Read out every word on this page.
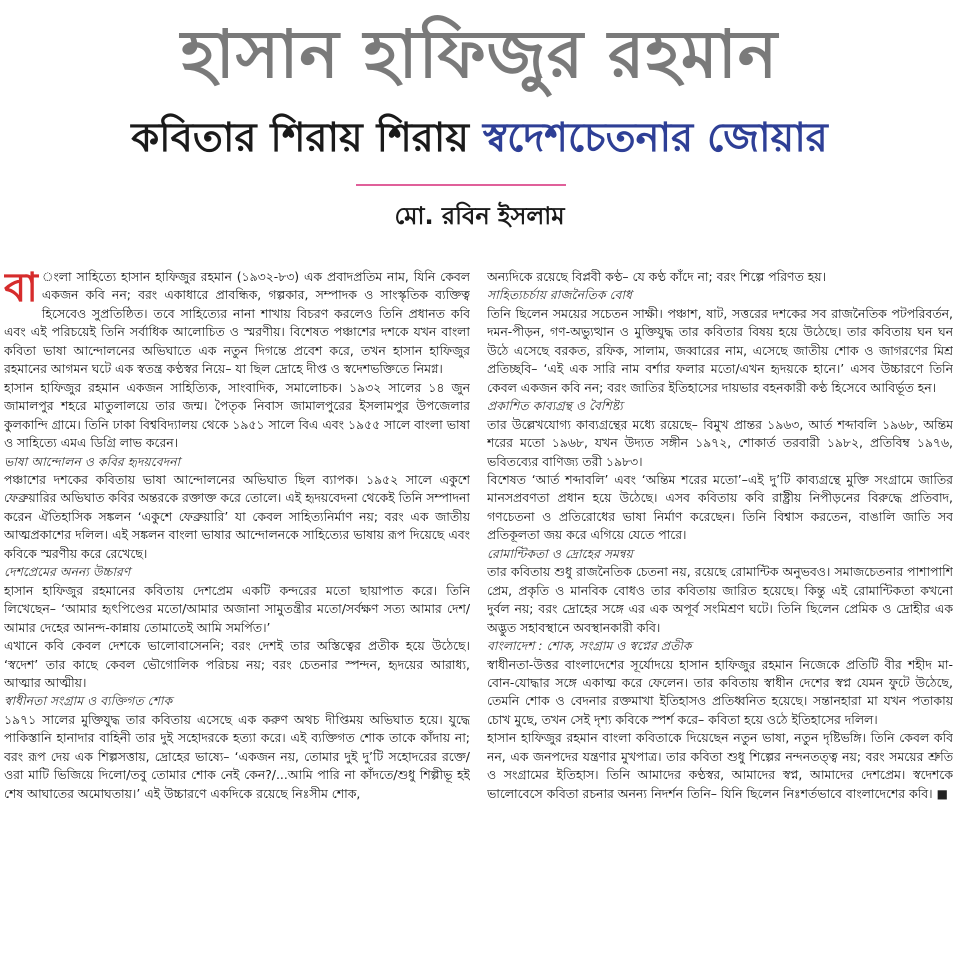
হাসান হাফিজুর রহমান
কবিতার শিরায় শিরায় স্বদেশচেতনার জোয়ার
মো. রবিন ইসলাম

বা ংলা সাহিত্যে হাসান হাফিজুর রহমান (১৯৩২-৮৩) এক প্রবাদপ্রতিম নাম, যিনি কেবল একজন কবি নন; বরং একাধারে প্রাবন্ধিক, গল্পকার, সম্পাদক ও সাংস্কৃতিক ব্যক্তিত্ব হিসেবেও সুপ্রতিষ্ঠিত। তবে সাহিত্যের নানা শাখায় বিচরণ করলেও তিনি প্রধানত কবি এবং এই পরিচয়েই তিনি সর্বাধিক আলোচিত ও স্মরণীয়। বিশেষত পঞ্চাশের দশকে যখন বাংলা কবিতা ভাষা আন্দোলনের অভিঘাতে এক নতুন দিগন্তে প্রবেশ করে, তখন হাসান হাফিজুর রহমানের আগমন ঘটে এক স্বতন্ত্র কণ্ঠস্বর নিয়ে– যা ছিল দ্রোহে দীপ্ত ও স্বদেশভক্তিতে নিমগ্ন।

হাসান হাফিজুর রহমান একজন সাহিত্যিক, সাংবাদিক, সমালোচক। ১৯৩২ সালের ১৪ জুন জামালপুর শহরে মাতুলালয়ে তার জন্ম। পৈতৃক নিবাস জামালপুরের ইসলামপুর উপজেলার কুলকান্দি গ্রামে। তিনি ঢাকা বিশ্ববিদ্যালয় থেকে ১৯৫১ সালে বিএ এবং ১৯৫৫ সালে বাংলা ভাষা ও সাহিত্যে এমএ ডিগ্রি লাভ করেন।

ভাষা আন্দোলন ও কবির হৃদয়বেদনা

পঞ্চাশের দশকের কবিতায় ভাষা আন্দোলনের অভিঘাত ছিল ব্যাপক। ১৯৫২ সালে একুশে ফেব্রুয়ারির অভিঘাত কবির অন্তরকে রক্তাক্ত করে তোলে। এই হৃদয়বেদনা থেকেই তিনি সম্পাদনা করেন ঐতিহাসিক সঙ্কলন ‘একুশে ফেব্রুয়ারি’ যা কেবল সাহিত্যনির্মাণ নয়; বরং এক জাতীয় আত্মপ্রকাশের দলিল। এই সঙ্কলন বাংলা ভাষার আন্দোলনকে সাহিত্যের ভাষায় রূপ দিয়েছে এবং কবিকে স্মরণীয় করে রেখেছে।

দেশপ্রেমের অনন্য উচ্চারণ

হাসান হাফিজুর রহমানের কবিতায় দেশপ্রেম একটি কন্দরের মতো ছায়াপাত করে। তিনি লিখেছেন– ‘আমার হৃৎপিণ্ডের মতো/আমার অজানা সামুতন্ত্রীর মতো/সর্বক্ষণ সত্য আমার দেশ/আমার দেহের আনন্দ-কান্নায় তোমাতেই আমি সমর্পিত।’

এখানে কবি কেবল দেশকে ভালোবাসেননি; বরং দেশই তার অস্তিত্বের প্রতীক হয়ে উঠেছে। ‘স্বদেশ’ তার কাছে কেবল ভৌগোলিক পরিচয় নয়; বরং চেতনার স্পন্দন, হৃদয়ের আরাধ্য, আত্মার আত্মীয়।

স্বাধীনতা সংগ্রাম ও ব্যক্তিগত শোক

১৯৭১ সালের মুক্তিযুদ্ধ তার কবিতায় এসেছে এক করুণ অথচ দীপ্তিময় অভিঘাত হয়ে। যুদ্ধে পাকিস্তানি হানাদার বাহিনী তার দুই সহোদরকে হত্যা করে। এই ব্যক্তিগত শোক তাকে কাঁদায় না; বরং রূপ দেয় এক শিল্পসত্তায়, দ্রোহের ভাষ্যে– ‘একজন নয়, তোমার দুই দু’টি সহোদরের রক্তে/ওরা মাটি ভিজিয়ে দিলো/তবু তোমার শোক নেই কেন?/...আমি পারি না কাঁদতে/শুধু শিল্পীভূ হই শেষ আঘাতের অমোঘতায়।’ এই উচ্চারণে একদিকে রয়েছে নিঃসীম শোক,

অন্যদিকে রয়েছে বিপ্লবী কণ্ঠ– যে কণ্ঠ কাঁদে না; বরং শিল্পে পরিণত হয়।

সাহিত্যচর্চায় রাজনৈতিক বোধ

তিনি ছিলেন সময়ের সচেতন সাক্ষী। পঞ্চাশ, ষাট, সত্তরের দশকের সব রাজনৈতিক পটপরিবর্তন, দমন-পীড়ন, গণ-অভ্যুত্থান ও মুক্তিযুদ্ধ তার কবিতার বিষয় হয়ে উঠেছে। তার কবিতায় ঘন ঘন উঠে এসেছে বরকত, রফিক, সালাম, জব্বারের নাম, এসেছে জাতীয় শোক ও জাগরণের মিশ্র প্রতিচ্ছবি– ‘এই এক সারি নাম বর্শার ফলার মতো/এখন হৃদয়কে হানে।’ এসব উচ্চারণে তিনি কেবল একজন কবি নন; বরং জাতির ইতিহাসের দায়ভার বহনকারী কণ্ঠ হিসেবে আবির্ভূত হন।

প্রকাশিত কাব্যগ্রন্থ ও বৈশিষ্ট্য

তার উল্লেখযোগ্য কাব্যগ্রন্থের মধ্যে রয়েছে– বিমুখ প্রান্তর ১৯৬৩, আর্ত শব্দাবলি ১৯৬৮, অন্তিম শরের মতো ১৯৬৮, যখন উদ্যত সঙ্গীন ১৯৭২, শোকার্ত তরবারী ১৯৮২, প্রতিবিম্ব ১৯৭৬, ভবিতব্যের বাণিজ্য তরী ১৯৮৩।

বিশেষত ‘আর্ত শব্দাবলি’ এবং ‘অন্তিম শরের মতো’–এই দু’টি কাব্যগ্রন্থে মুক্তি সংগ্রামে জাতির মানসপ্রবণতা প্রধান হয়ে উঠেছে। এসব কবিতায় কবি রাষ্ট্রীয় নিপীড়নের বিরুদ্ধে প্রতিবাদ, গণচেতনা ও প্রতিরোধের ভাষা নির্মাণ করেছেন। তিনি বিশ্বাস করতেন, বাঙালি জাতি সব প্রতিকূলতা জয় করে এগিয়ে যেতে পারে।

রোমান্টিকতা ও দ্রোহের সমন্বয়

তার কবিতায় শুধু রাজনৈতিক চেতনা নয়, রয়েছে রোমান্টিক অনুভবও। সমাজচেতনার পাশাপাশি প্রেম, প্রকৃতি ও মানবিক বোধও তার কবিতায় জারিত হয়েছে। কিন্তু এই রোমান্টিকতা কখনো দুর্বল নয়; বরং দ্রোহের সঙ্গে এর এক অপূর্ব সংমিশ্রণ ঘটে। তিনি ছিলেন প্রেমিক ও দ্রোহীর এক অদ্ভুত সহাবস্থানে অবস্থানকারী কবি।

বাংলাদেশ : শোক, সংগ্রাম ও স্বপ্নের প্রতীক

স্বাধীনতা-উত্তর বাংলাদেশের সূর্যোদয়ে হাসান হাফিজুর রহমান নিজেকে প্রতিটি বীর শহীদ মা-বোন-যোদ্ধার সঙ্গে একাত্ম করে ফেলেন। তার কবিতায় স্বাধীন দেশের স্বপ্ন যেমন ফুটে উঠেছে, তেমনি শোক ও বেদনার রক্তমাখা ইতিহাসও প্রতিধ্বনিত হয়েছে। সন্তানহারা মা যখন পতাকায় চোখ মুছে, তখন সেই দৃশ্য কবিকে স্পর্শ করে– কবিতা হয়ে ওঠে ইতিহাসের দলিল।

হাসান হাফিজুর রহমান বাংলা কবিতাকে দিয়েছেন নতুন ভাষা, নতুন দৃষ্টিভঙ্গি। তিনি কেবল কবি নন, এক জনপদের যন্ত্রণার মুখপাত্র। তার কবিতা শুধু শিল্পের নন্দনতত্ত্ব নয়; বরং সময়ের শ্রুতি ও সংগ্রামের ইতিহাস। তিনি আমাদের কণ্ঠস্বর, আমাদের স্বপ্ন, আমাদের দেশপ্রেম। স্বদেশকে ভালোবেসে কবিতা রচনার অনন্য নিদর্শন তিনি– যিনি ছিলেন নিঃশর্তভাবে বাংলাদেশের কবি। ■
